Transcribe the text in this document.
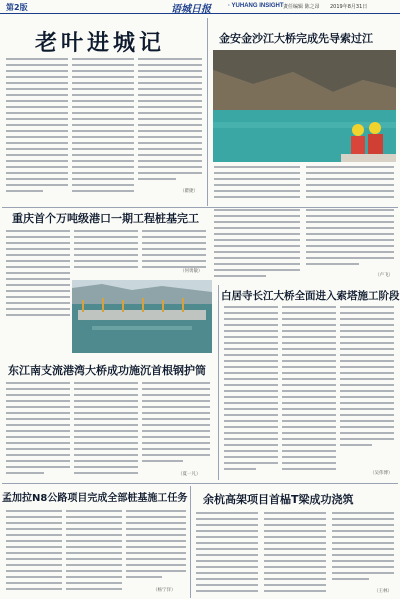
第2版	语城日报	· YUHANG INSIGHT ·
责任编辑 陈之昂 2019年8月31日
老叶进城记
（瞿捷）
金安金沙江大桥完成先导索过江
（卢飞）
重庆首个万吨级港口一期工程桩基完工
（何勇敏）
白居寺长江大桥全面进入索塔施工阶段
（吴伟博）
东江南支流港湾大桥成功施沉首根钢护筒
（夏一凡）
孟加拉N8公路项目完成全部桩基施工任务
（杨宁洋）
余杭高架项目首榀T梁成功浇筑
（王林）
